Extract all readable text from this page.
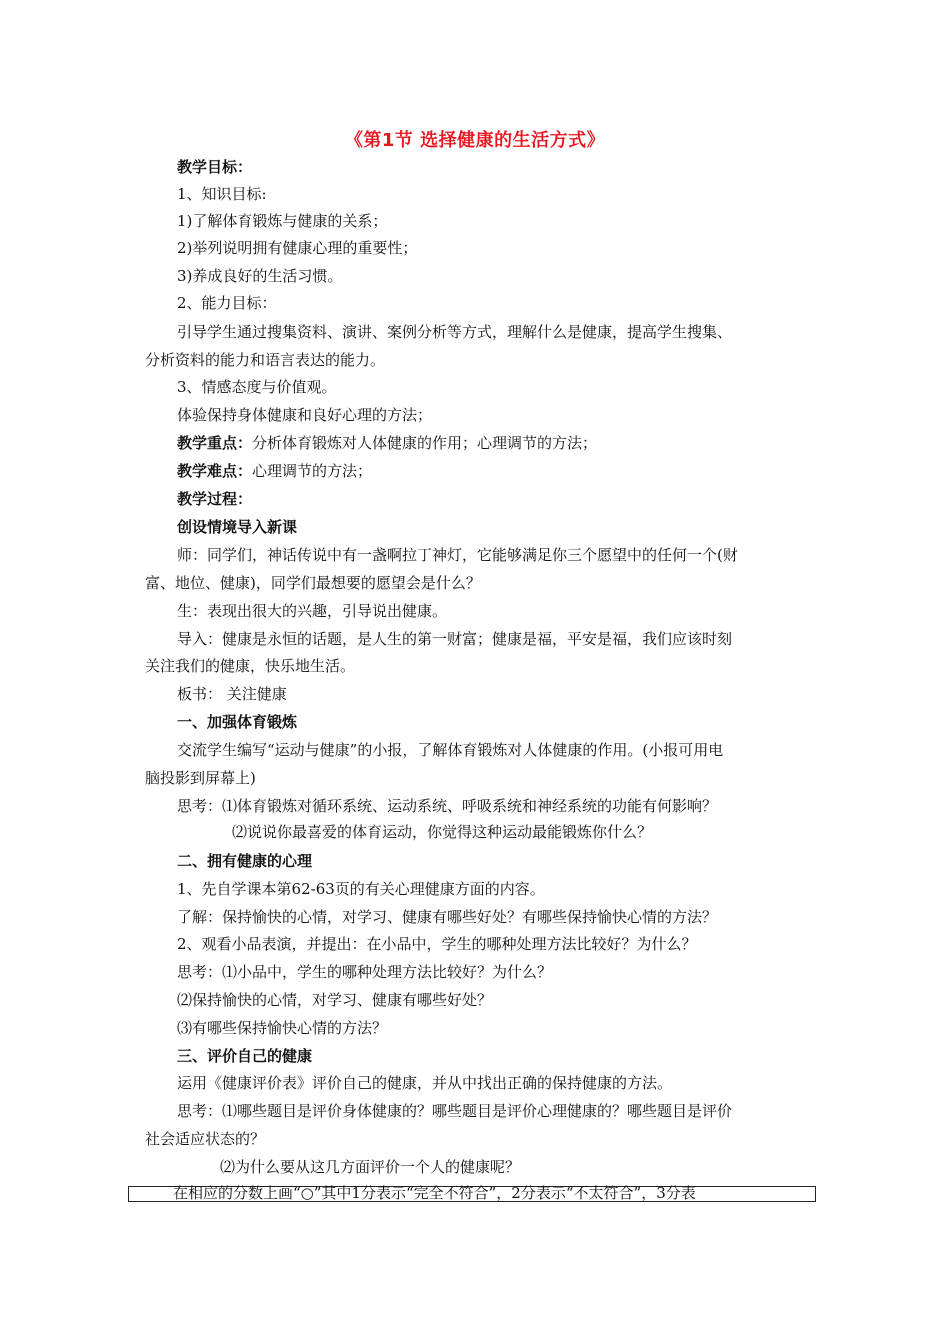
《第1节 选择健康的生活方式》
教学目标：
1、知识目标:
1)了解体育锻炼与健康的关系；
2)举列说明拥有健康心理的重要性；
3)养成良好的生活习惯。
2、能力目标：
引导学生通过搜集资料、演讲、案例分析等方式，理解什么是健康，提高学生搜集、
分析资料的能力和语言表达的能力。
3、情感态度与价值观。
体验保持身体健康和良好心理的方法；
教学重点：分析体育锻炼对人体健康的作用；心理调节的方法；
教学难点：心理调节的方法；
教学过程：
创设情境导入新课
师：同学们，神话传说中有一盏啊拉丁神灯，它能够满足你三个愿望中的任何一个(财
富、地位、健康)，同学们最想要的愿望会是什么？
生：表现出很大的兴趣，引导说出健康。
导入：健康是永恒的话题，是人生的第一财富；健康是福，平安是福，我们应该时刻
关注我们的健康，快乐地生活。
板书： 关注健康
一、加强体育锻炼
交流学生编写“运动与健康”的小报，了解体育锻炼对人体健康的作用。(小报可用电
脑投影到屏幕上)
思考：⑴体育锻炼对循环系统、运动系统、呼吸系统和神经系统的功能有何影响？
⑵说说你最喜爱的体育运动，你觉得这种运动最能锻炼你什么？
二、拥有健康的心理
1、先自学课本第62-63页的有关心理健康方面的内容。
了解：保持愉快的心情，对学习、健康有哪些好处？有哪些保持愉快心情的方法？
2、观看小品表演，并提出：在小品中，学生的哪种处理方法比较好？为什么？
思考：⑴小品中，学生的哪种处理方法比较好？为什么？
⑵保持愉快的心情，对学习、健康有哪些好处？
⑶有哪些保持愉快心情的方法？
三、评价自己的健康
运用《健康评价表》评价自己的健康，并从中找出正确的保持健康的方法。
思考：⑴哪些题目是评价身体健康的？哪些题目是评价心理健康的？哪些题目是评价
社会适应状态的？
⑵为什么要从这几方面评价一个人的健康呢？
在相应的分数上画“○”其中1分表示“完全不符合”，2分表示“不太符合”，3分表
